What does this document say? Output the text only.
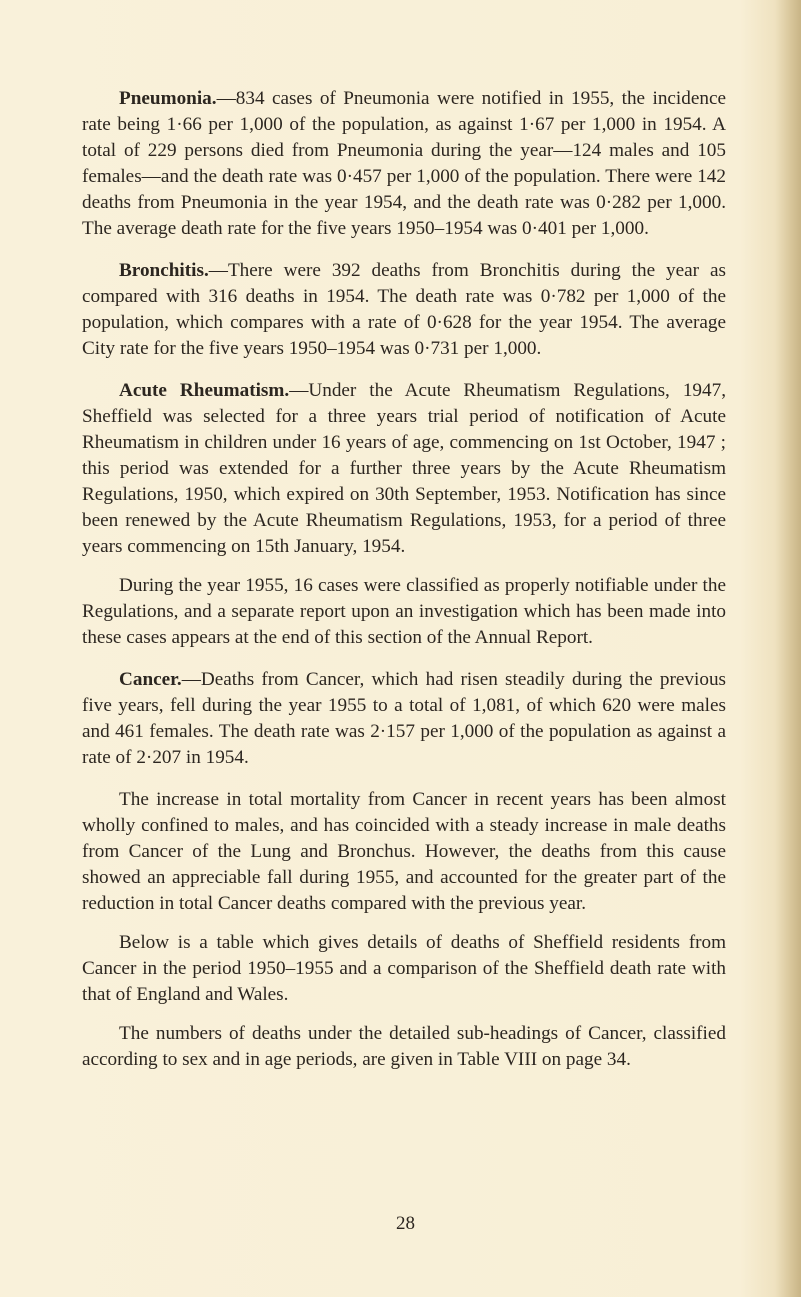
Pneumonia.—834 cases of Pneumonia were notified in 1955, the incidence rate being 1·66 per 1,000 of the population, as against 1·67 per 1,000 in 1954. A total of 229 persons died from Pneumonia during the year—124 males and 105 females—and the death rate was 0·457 per 1,000 of the population. There were 142 deaths from Pneumonia in the year 1954, and the death rate was 0·282 per 1,000. The average death rate for the five years 1950–1954 was 0·401 per 1,000.

Bronchitis.—There were 392 deaths from Bronchitis during the year as compared with 316 deaths in 1954. The death rate was 0·782 per 1,000 of the population, which compares with a rate of 0·628 for the year 1954. The average City rate for the five years 1950–1954 was 0·731 per 1,000.

Acute Rheumatism.—Under the Acute Rheumatism Regulations, 1947, Sheffield was selected for a three years trial period of notification of Acute Rheumatism in children under 16 years of age, commencing on 1st October, 1947 ; this period was extended for a further three years by the Acute Rheumatism Regulations, 1950, which expired on 30th September, 1953. Notification has since been renewed by the Acute Rheumatism Regulations, 1953, for a period of three years commencing on 15th January, 1954.

During the year 1955, 16 cases were classified as properly notifiable under the Regulations, and a separate report upon an investigation which has been made into these cases appears at the end of this section of the Annual Report.

Cancer.—Deaths from Cancer, which had risen steadily during the previous five years, fell during the year 1955 to a total of 1,081, of which 620 were males and 461 females. The death rate was 2·157 per 1,000 of the population as against a rate of 2·207 in 1954.

The increase in total mortality from Cancer in recent years has been almost wholly confined to males, and has coincided with a steady increase in male deaths from Cancer of the Lung and Bronchus. However, the deaths from this cause showed an appreciable fall during 1955, and accounted for the greater part of the reduction in total Cancer deaths compared with the previous year.

Below is a table which gives details of deaths of Sheffield residents from Cancer in the period 1950–1955 and a comparison of the Sheffield death rate with that of England and Wales.

The numbers of deaths under the detailed sub-headings of Cancer, classified according to sex and in age periods, are given in Table VIII on page 34.

28
